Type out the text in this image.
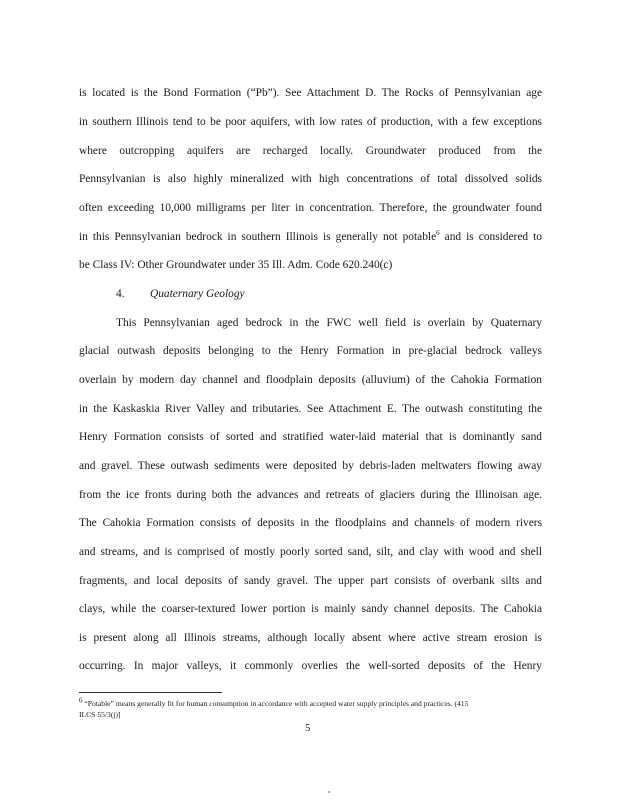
is located is the Bond Formation (“Pb”). See Attachment D. The Rocks of Pennsylvanian age
in southern Illinois tend to be poor aquifers, with low rates of production, with a few exceptions
where outcropping aquifers are recharged locally. Groundwater produced from the
Pennsylvanian is also highly mineralized with high concentrations of total dissolved solids
often exceeding 10,000 milligrams per liter in concentration. Therefore, the groundwater found
in this Pennsylvanian bedrock in southern Illinois is generally not potable$^6$ and is considered to
be Class IV: Other Groundwater under 35 Ill. Adm. Code 620.240(c)
4. Quaternary Geology
This Pennsylvanian aged bedrock in the FWC well field is overlain by Quaternary
glacial outwash deposits belonging to the Henry Formation in pre-glacial bedrock valleys
overlain by modern day channel and floodplain deposits (alluvium) of the Cahokia Formation
in the Kaskaskia River Valley and tributaries. See Attachment E. The outwash constituting the
Henry Formation consists of sorted and stratified water-laid material that is dominantly sand
and gravel. These outwash sediments were deposited by debris-laden meltwaters flowing away
from the ice fronts during both the advances and retreats of glaciers during the Illinoisan age.
The Cahokia Formation consists of deposits in the floodplains and channels of modern rivers
and streams, and is comprised of mostly poorly sorted sand, silt, and clay with wood and shell
fragments, and local deposits of sandy gravel. The upper part consists of overbank silts and
clays, while the coarser-textured lower portion is mainly sandy channel deposits. The Cahokia
is present along all Illinois streams, although locally absent where active stream erosion is
occurring. In major valleys, it commonly overlies the well-sorted deposits of the Henry
$^6$ “Potable” means generally fit for human consumption in accordance with accepted water supply principles and practices. (415
ILCS 55/3(j)]
5
